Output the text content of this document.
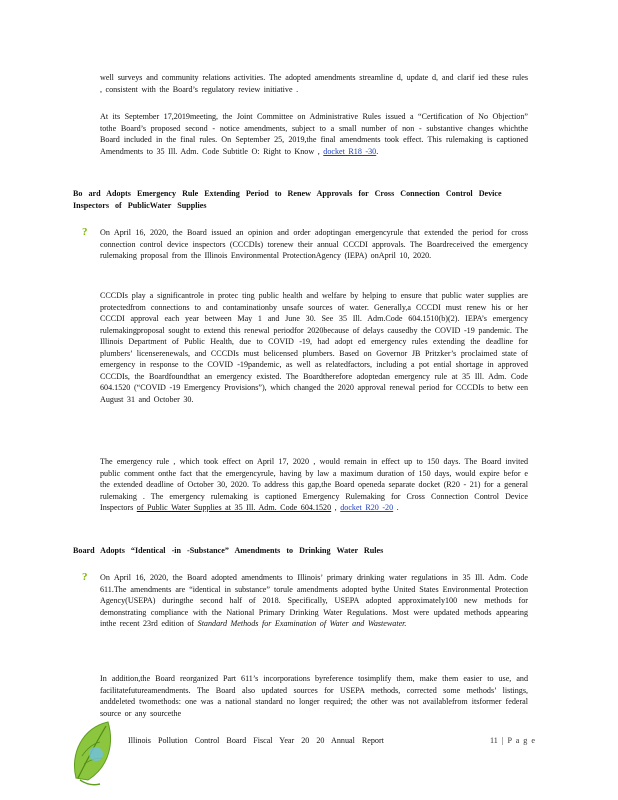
well surveys and community relations activities. The adopted amendments streamline d, update d, and clarif ied these rules , consistent with the Board’s regulatory review initiative .

At its September 17,2019meeting, the Joint Committee on Administrative Rules issued a “Certification of No Objection” tothe Board’s proposed second - notice amendments, subject to a small number of non - substantive changes whichthe Board included in the final rules. On September 25, 2019,the final amendments took effect. This rulemaking is captioned Amendments to 35 Ill. Adm. Code Subtitle O: Right to Know , docket R18 -30.

Bo ard Adopts Emergency Rule Extending Period to Renew Approvals for Cross Connection Control Device Inspectors of PublicWater Supplies

? On April 16, 2020, the Board issued an opinion and order adoptingan emergencyrule that extended the period for cross connection control device inspectors (CCCDIs) torenew their annual CCCDI approvals. The Boardreceived the emergency rulemaking proposal from the Illinois Environmental ProtectionAgency (IEPA) onApril 10, 2020.

CCCDIs play a significantrole in protec ting public health and welfare by helping to ensure that public water supplies are protectedfrom connections to and contaminationby unsafe sources of water. Generally,a CCCDI must renew his or her CCCDI approval each year between May 1 and June 30. See 35 Ill. Adm.Code 604.1510(b)(2). IEPA’s emergency rulemakingproposal sought to extend this renewal periodfor 2020because of delays causedby the COVID -19 pandemic. The Illinois Department of Public Health, due to COVID -19, had adopt ed emergency rules extending the deadline for plumbers’ licenserenewals, and CCCDIs must belicensed plumbers. Based on Governor JB Pritzker’s proclaimed state of emergency in response to the COVID -19pandemic, as well as relatedfactors, including a pot ential shortage in approved CCCDIs, the Boardfoundthat an emergency existed. The Boardtherefore adoptedan emergency rule at 35 Ill. Adm. Code 604.1520 (“COVID -19 Emergency Provisions”), which changed the 2020 approval renewal period for CCCDIs to betw een August 31 and October 30.

The emergency rule , which took effect on April 17, 2020 , would remain in effect up to 150 days. The Board invited public comment onthe fact that the emergencyrule, having by law a maximum duration of 150 days, would expire befor e the extended deadline of October 30, 2020. To address this gap,the Board openeda separate docket (R20 - 21) for a general rulemaking . The emergency rulemaking is captioned Emergency Rulemaking for Cross Connection Control Device Inspectors of Public Water Supplies at 35 Ill. Adm. Code 604.1520 , docket R20 -20 .

Board Adopts “Identical -in -Substance” Amendments to Drinking Water Rules

? On April 16, 2020, the Board adopted amendments to Illinois’ primary drinking water regulations in 35 Ill. Adm. Code 611.The amendments are “identical in substance” torule amendments adopted bythe United States Environmental Protection Agency(USEPA) duringthe second half of 2018. Specifically, USEPA adopted approximately100 new methods for demonstrating compliance with the National Primary Drinking Water Regulations. Most were updated methods appearing inthe recent 23rd edition of Standard Methods for Examination of Water and Wastewater.

In addition,the Board reorganized Part 611’s incorporations byreference tosimplify them, make them easier to use, and facilitatefutureamendments. The Board also updated sources for USEPA methods, corrected some methods’ listings, anddeleted twomethods: one was a national standard no longer required; the other was not availablefrom itsformer federal source or any sourcethe

Illinois Pollution Control Board Fiscal Year 20 20 Annual Report	11 | P a g e
